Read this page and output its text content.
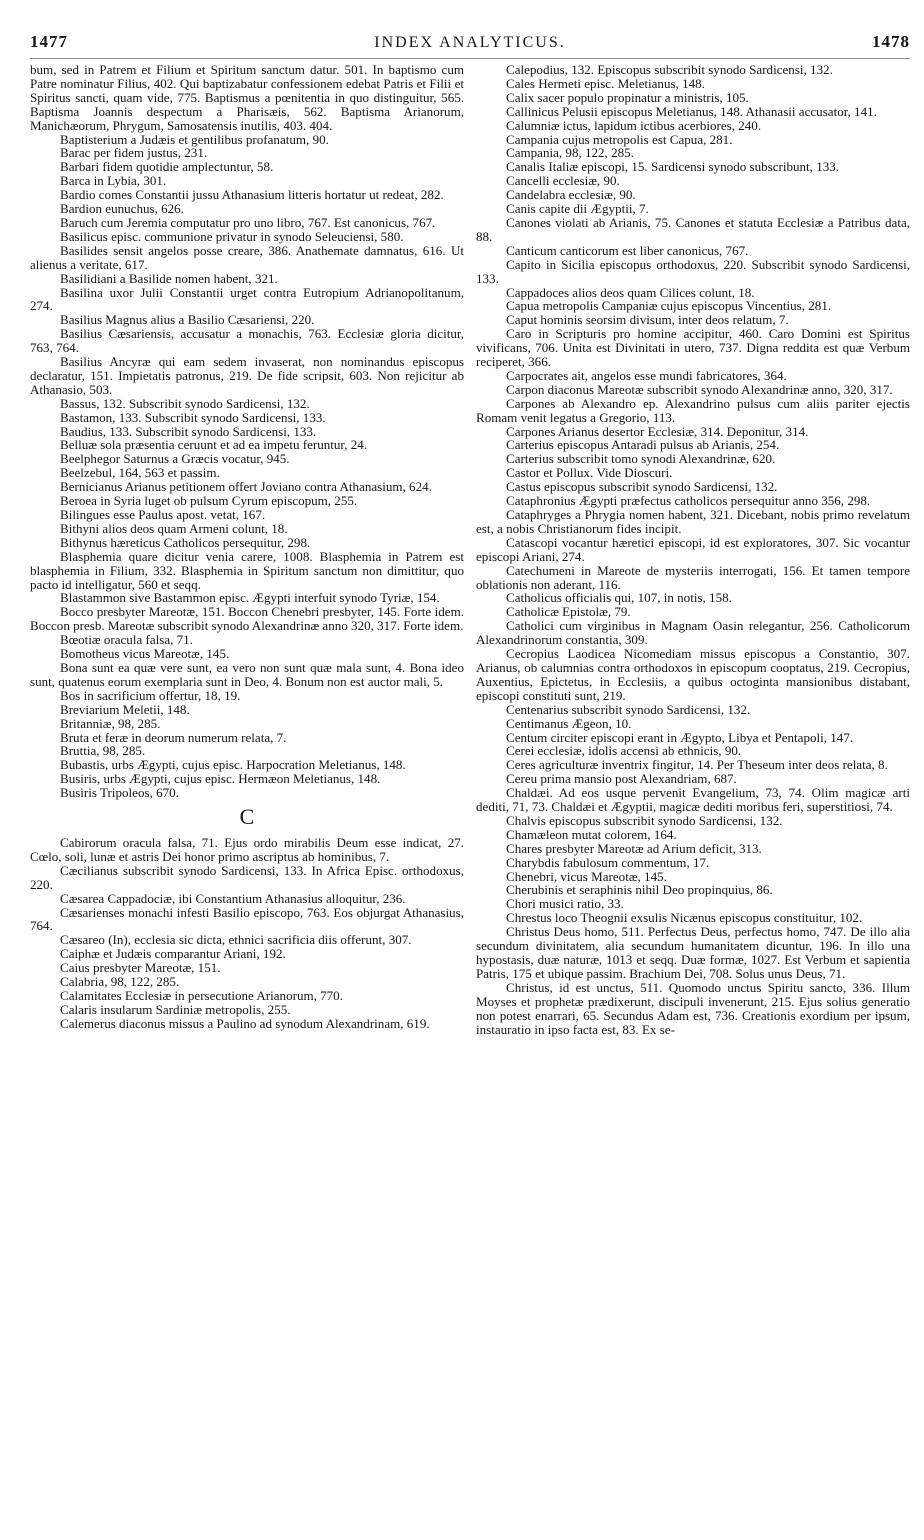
1477	INDEX ANALYTICUS.	1478

bum, sed in Patrem et Filium et Spiritum sanctum datur. 501. In baptismo cum Patre nominatur Filius, 402. Qui baptizabatur confessionem edebat Patris et Filii et Spiritus sancti, quam vide, 775. Baptismus a pœnitentia in quo distinguitur, 565. Baptisma Joannis despectum a Pharisæis, 562. Baptisma Arianorum, Manichæorum, Phrygum, Samosatensis inutilis, 403. 404.

Baptisterium a Judæis et gentilibus profanatum, 90.

Barac per fidem justus, 231.

Barbari fidem quotidie amplectuntur, 58.

Barca in Lybia, 301.

Bardio comes Constantii jussu Athanasium litteris hortatur ut redeat, 282.

Bardion eunuchus, 626.

Baruch cum Jeremia computatur pro uno libro, 767. Est canonicus, 767.

Basilicus episc. communione privatur in synodo Seleuciensi, 580.

Basilides sensit angelos posse creare, 386. Anathemate damnatus, 616. Ut alienus a veritate, 617.

Basilidiani a Basilide nomen habent, 321.

Basilina uxor Julii Constantii urget contra Eutropium Adrianopolitanum, 274.

Basilius Magnus alius a Basilio Cæsariensi, 220.

Basilius Cæsariensis, accusatur a monachis, 763. Ecclesiæ gloria dicitur, 763, 764.

Basilius Ancyræ qui eam sedem invaserat, non nominandus episcopus declaratur, 151. Impietatis patronus, 219. De fide scripsit, 603. Non rejicitur ab Athanasio, 503.

Bassus, 132. Subscribit synodo Sardicensi, 132.

Bastamon, 133. Subscribit synodo Sardicensi, 133.

Baudius, 133. Subscribit synodo Sardicensi, 133.

Belluæ sola præsentia ceruunt et ad ea impetu feruntur, 24.

Beelphegor Saturnus a Græcis vocatur, 945.

Beelzebul, 164, 563 et passim.

Bernicianus Arianus petitionem offert Joviano contra Athanasium, 624.

Beroea in Syria luget ob pulsum Cyrum episcopum, 255.

Bilingues esse Paulus apost. vetat, 167.

Bithyni alios deos quam Armeni colunt, 18.

Bithynus hæreticus Catholicos persequitur, 298.

Blasphemia quare dicitur venia carere, 1008. Blasphemia in Patrem est blasphemia in Filium, 332. Blasphemia in Spiritum sanctum non dimittitur, quo pacto id intelligatur, 560 et seqq.

Blastammon sive Bastammon episc. Ægypti interfuit synodo Tyriæ, 154.

Bocco presbyter Mareotæ, 151. Boccon Chenebri presbyter, 145. Forte idem. Boccon presb. Mareotæ subscribit synodo Alexandrinæ anno 320, 317. Forte idem.

Bœotiæ oracula falsa, 71.

Bomotheus vicus Mareotæ, 145.

Bona sunt ea quæ vere sunt, ea vero non sunt quæ mala sunt, 4. Bona ideo sunt, quatenus eorum exemplaria sunt in Deo, 4. Bonum non est auctor mali, 5.

Bos in sacrificium offertur, 18, 19.

Breviarium Meletii, 148.

Britanniæ, 98, 285.

Bruta et feræ in deorum numerum relata, 7.

Bruttia, 98, 285.

Bubastis, urbs Ægypti, cujus episc. Harpocration Meletianus, 148.

Busiris, urbs Ægypti, cujus episc. Hermæon Meletianus, 148.

Busiris Tripoleos, 670.

C

Cabirorum oracula falsa, 71. Ejus ordo mirabilis Deum esse indicat, 27. Cœlo, soli, lunæ et astris Dei honor primo ascriptus ab hominibus, 7.

Cæcilianus subscribit synodo Sardicensi, 133. In Africa Episc. orthodoxus, 220.

Cæsarea Cappadociæ, ibi Constantium Athanasius alloquitur, 236.

Cæsarienses monachi infesti Basilio episcopo, 763. Eos objurgat Athanasius, 764.

Cæsareo (In), ecclesia sic dicta, ethnici sacrificia diis offerunt, 307.

Caiphæ et Judæis comparantur Ariani, 192.

Caius presbyter Mareotæ, 151.

Calabria, 98, 122, 285.

Calamitates Ecclesiæ in persecutione Arianorum, 770.

Calaris insularum Sardiniæ metropolis, 255.

Calemerus diaconus missus a Paulino ad synodum Alexandrinam, 619.

Calepodius, 132. Episcopus subscribit synodo Sardicensi, 132.

Cales Hermeti episc. Meletianus, 148.

Calix sacer populo propinatur a ministris, 105.

Callinicus Pelusii episcopus Meletianus, 148. Athanasii accusator, 141.

Calumniæ ictus, lapidum ictibus acerbiores, 240.

Campania cujus metropolis est Capua, 281.

Campania, 98, 122, 285.

Canalis Italiæ episcopi, 15. Sardicensi synodo subscribunt, 133.

Cancelli ecclesiæ, 90.

Candelabra ecclesiæ, 90.

Canis capite dii Ægyptii, 7.

Canones violati ab Arianis, 75. Canones et statuta Ecclesiæ a Patribus data, 88.

Canticum canticorum est liber canonicus, 767.

Capito in Sicilia episcopus orthodoxus, 220. Subscribit synodo Sardicensi, 133.

Cappadoces alios deos quam Cilices colunt, 18.

Capua metropolis Campaniæ cujus episcopus Vincentius, 281.

Caput hominis seorsim divisum, inter deos relatum, 7.

Caro in Scripturis pro homine accipitur, 460. Caro Domini est Spiritus vivificans, 706. Unita est Divinitati in utero, 737. Digna reddita est quæ Verbum reciperet, 366.

Carpocrates ait, angelos esse mundi fabricatores, 364.

Carpon diaconus Mareotæ subscribit synodo Alexandrinæ anno, 320, 317.

Carpones ab Alexandro ep. Alexandrino pulsus cum aliis pariter ejectis Romam venit legatus a Gregorio, 113.

Carpones Arianus desertor Ecclesiæ, 314. Deponitur, 314.

Carterius episcopus Antaradi pulsus ab Arianis, 254.

Carterius subscribit tomo synodi Alexandrinæ, 620.

Castor et Pollux. Vide Dioscuri.

Castus episcopus subscribit synodo Sardicensi, 132.

Cataphronius Ægypti præfectus catholicos persequitur anno 356, 298.

Cataphryges a Phrygia nomen habent, 321. Dicebant, nobis primo revelatum est, a nobis Christianorum fides incipit.

Catascopi vocantur hæretici episcopi, id est exploratores, 307. Sic vocantur episcopi Ariani, 274.

Catechumeni in Mareote de mysteriis interrogati, 156. Et tamen tempore oblationis non aderant, 116.

Catholicus officialis qui, 107, in notis, 158.

Catholicæ Epistolæ, 79.

Catholici cum virginibus in Magnam Oasin relegantur, 256. Catholicorum Alexandrinorum constantia, 309.

Cecropius Laodicea Nicomediam missus episcopus a Constantio, 307. Arianus, ob calumnias contra orthodoxos in episcopum cooptatus, 219. Cecropius, Auxentius, Epictetus, in Ecclesiis, a quibus octoginta mansionibus distabant, episcopi constituti sunt, 219.

Centenarius subscribit synodo Sardicensi, 132.

Centimanus Ægeon, 10.

Centum circiter episcopi erant in Ægypto, Libya et Pentapoli, 147.

Cerei ecclesiæ, idolis accensi ab ethnicis, 90.

Ceres agriculturæ inventrix fingitur, 14. Per Theseum inter deos relata, 8.

Cereu prima mansio post Alexandriam, 687.

Chaldæi. Ad eos usque pervenit Evangelium, 73, 74. Olim magicæ arti dediti, 71, 73. Chaldæi et Ægyptii, magicæ dediti moribus feri, superstitiosi, 74.

Chalvis episcopus subscribit synodo Sardicensi, 132.

Chamæleon mutat colorem, 164.

Chares presbyter Mareotæ ad Arium deficit, 313.

Charybdis fabulosum commentum, 17.

Chenebri, vicus Mareotæ, 145.

Cherubinis et seraphinis nihil Deo propinquius, 86.

Chori musici ratio, 33.

Chrestus loco Theognii exsulis Nicænus episcopus constituitur, 102.

Christus Deus homo, 511. Perfectus Deus, perfectus homo, 747. De illo alia secundum divinitatem, alia secundum humanitatem dicuntur, 196. In illo una hypostasis, duæ naturæ, 1013 et seqq. Duæ formæ, 1027. Est Verbum et sapientia Patris, 175 et ubique passim. Brachium Dei, 708. Solus unus Deus, 71.

Christus, id est unctus, 511. Quomodo unctus Spiritu sancto, 336. Illum Moyses et prophetæ prædixerunt, discipuli invenerunt, 215. Ejus solius generatio non potest enarrari, 65. Secundus Adam est, 736. Creationis exordium per ipsum, instauratio in ipso facta est, 83. Ex se-
